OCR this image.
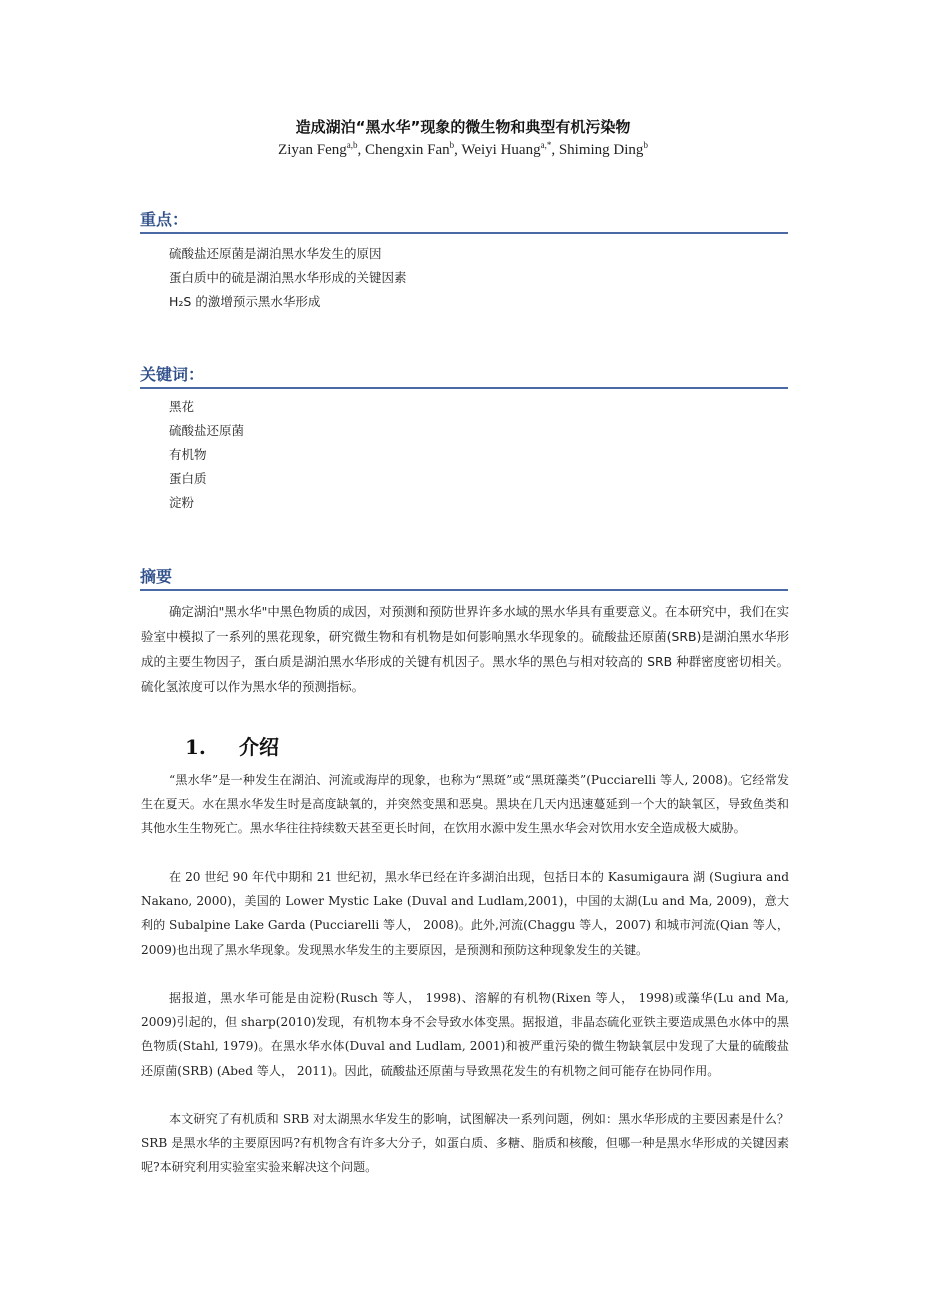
造成湖泊“黑水华”现象的微生物和典型有机污染物
Ziyan Feng$^{a,b}$, Chengxin Fan$^b$, Weiyi Huang$^{a,*}$, Shiming Ding$^b$
重点：
硫酸盐还原菌是湖泊黑水华发生的原因
蛋白质中的硫是湖泊黑水华形成的关键因素
H₂S 的激增预示黑水华形成
关键词：
黑花
硫酸盐还原菌
有机物
蛋白质
淀粉
摘要
确定湖泊"黑水华"中黑色物质的成因，对预测和预防世界许多水域的黑水华具有重要意义。在本研究中，我们在实验室中模拟了一系列的黑花现象，研究微生物和有机物是如何影响黑水华现象的。硫酸盐还原菌(SRB)是湖泊黑水华形成的主要生物因子，蛋白质是湖泊黑水华形成的关键有机因子。黑水华的黑色与相对较高的 SRB 种群密度密切相关。硫化氢浓度可以作为黑水华的预测指标。
1. 介绍
“黑水华”是一种发生在湖泊、河流或海岸的现象，也称为“黑斑”或“黑斑藻类”(Pucciarelli 等人, 2008)。它经常发生在夏天。水在黑水华发生时是高度缺氧的，并突然变黑和恶臭。黑块在几天内迅速蔓延到一个大的缺氧区，导致鱼类和其他水生生物死亡。黑水华往往持续数天甚至更长时间，在饮用水源中发生黑水华会对饮用水安全造成极大威胁。
在 20 世纪 90 年代中期和 21 世纪初，黑水华已经在许多湖泊出现，包括日本的 Kasumigaura 湖 (Sugiura and Nakano, 2000)，美国的 Lower Mystic Lake (Duval and Ludlam,2001)，中国的太湖(Lu and Ma, 2009)，意大利的 Subalpine Lake Garda (Pucciarelli 等人， 2008)。此外,河流(Chaggu 等人，2007) 和城市河流(Qian 等人， 2009)也出现了黑水华现象。发现黑水华发生的主要原因，是预测和预防这种现象发生的关键。
据报道，黑水华可能是由淀粉(Rusch 等人， 1998)、溶解的有机物(Rixen 等人， 1998)或藻华(Lu and Ma, 2009)引起的，但 sharp(2010)发现，有机物本身不会导致水体变黑。据报道，非晶态硫化亚铁主要造成黑色水体中的黑色物质(Stahl, 1979)。在黑水华水体(Duval and Ludlam, 2001)和被严重污染的微生物缺氧层中发现了大量的硫酸盐还原菌(SRB) (Abed 等人， 2011)。因此，硫酸盐还原菌与导致黑花发生的有机物之间可能存在协同作用。
本文研究了有机质和 SRB 对太湖黑水华发生的影响，试图解决一系列问题，例如：黑水华形成的主要因素是什么？SRB 是黑水华的主要原因吗?有机物含有许多大分子，如蛋白质、多糖、脂质和核酸，但哪一种是黑水华形成的关键因素呢?本研究利用实验室实验来解决这个问题。
